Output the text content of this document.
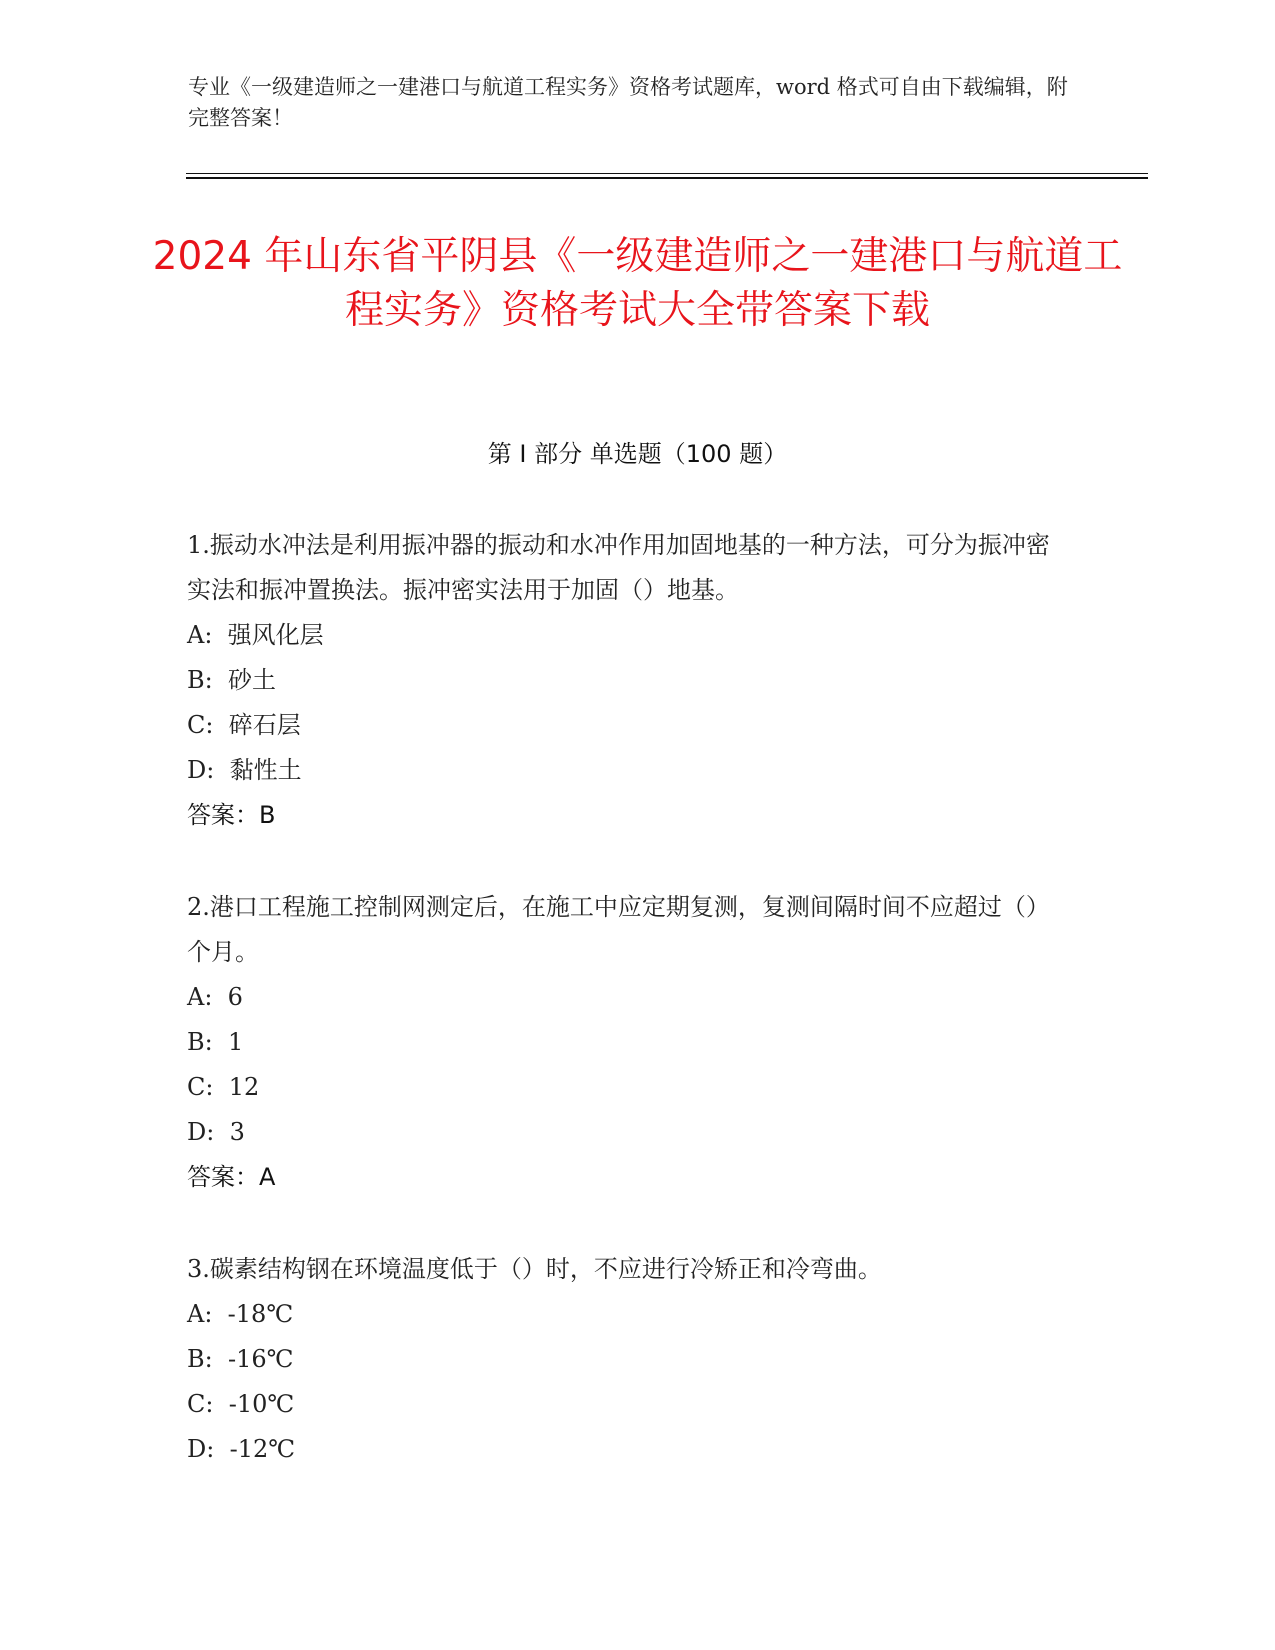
专业《一级建造师之一建港口与航道工程实务》资格考试题库，word 格式可自由下载编辑，附完整答案！

2024 年山东省平阴县《一级建造师之一建港口与航道工程实务》资格考试大全带答案下载
第 I 部分 单选题（100 题）

1.振动水冲法是利用振冲器的振动和水冲作用加固地基的一种方法，可分为振冲密实法和振冲置换法。振冲密实法用于加固（）地基。

A:  强风化层

B:  砂土

C:  碎石层

D:  黏性土

答案：B

2.港口工程施工控制网测定后，在施工中应定期复测，复测间隔时间不应超过（）个月。

A:  6

B:  1

C:  12

D:  3

答案：A

3.碳素结构钢在环境温度低于（）时，不应进行冷矫正和冷弯曲。

A:  -18℃

B:  -16℃

C:  -10℃

D:  -12℃
